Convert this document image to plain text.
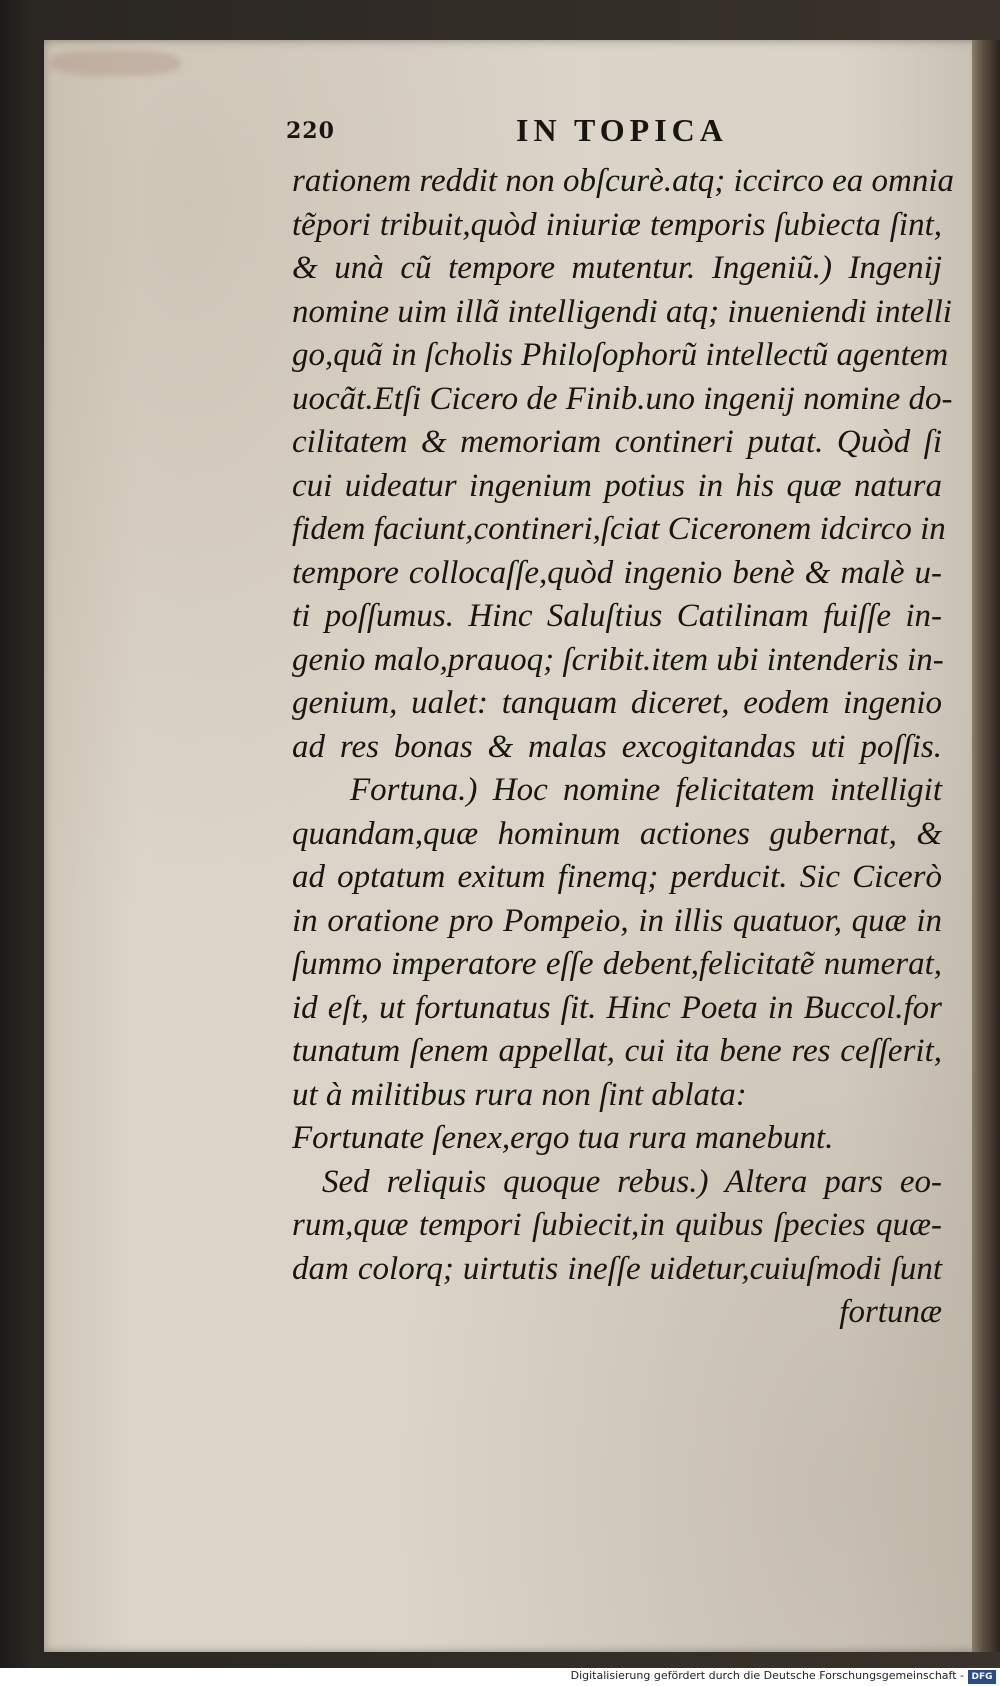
220	IN TOPICA
rationem reddit non obſcurè.atq; iccirco ea omnia
tẽpori tribuit,quòd iniuriæ temporis ſubiecta ſint,
& unà cũ tempore mutentur. Ingeniũ.) Ingenij
nomine uim illã intelligendi atq; inueniendi intelli
go,quã in ſcholis Philoſophorũ intellectũ agentem
uocãt.Etſi Cicero de Finib.uno ingenij nomine do-
cilitatem & memoriam contineri putat. Quòd ſi
cui uideatur ingenium potius in his quæ natura
fidem faciunt,contineri,ſciat Ciceronem idcirco in
tempore collocaſſe,quòd ingenio benè & malè u-
ti poſſumus. Hinc Saluſtius Catilinam fuiſſe in-
genio malo,prauoq; ſcribit.item ubi intenderis in-
genium, ualet: tanquam diceret, eodem ingenio
ad res bonas & malas excogitandas uti poſſis.
Fortuna.) Hoc nomine felicitatem intelligit
quandam,quæ hominum actiones gubernat, &
ad optatum exitum finemq; perducit. Sic Cicerò
in oratione pro Pompeio, in illis quatuor, quæ in
ſummo imperatore eſſe debent,felicitatẽ numerat,
id eſt, ut fortunatus ſit. Hinc Poeta in Buccol.for
tunatum ſenem appellat, cui ita bene res ceſſerit,
ut à militibus rura non ſint ablata:
Fortunate ſenex,ergo tua rura manebunt.
Sed reliquis quoque rebus.) Altera pars eo-
rum,quæ tempori ſubiecit,in quibus ſpecies quæ-
dam colorq; uirtutis ineſſe uidetur,cuiuſmodi ſunt
fortunæ
Digitalisierung gefördert durch die Deutsche Forschungsgemeinschaft - DFG
